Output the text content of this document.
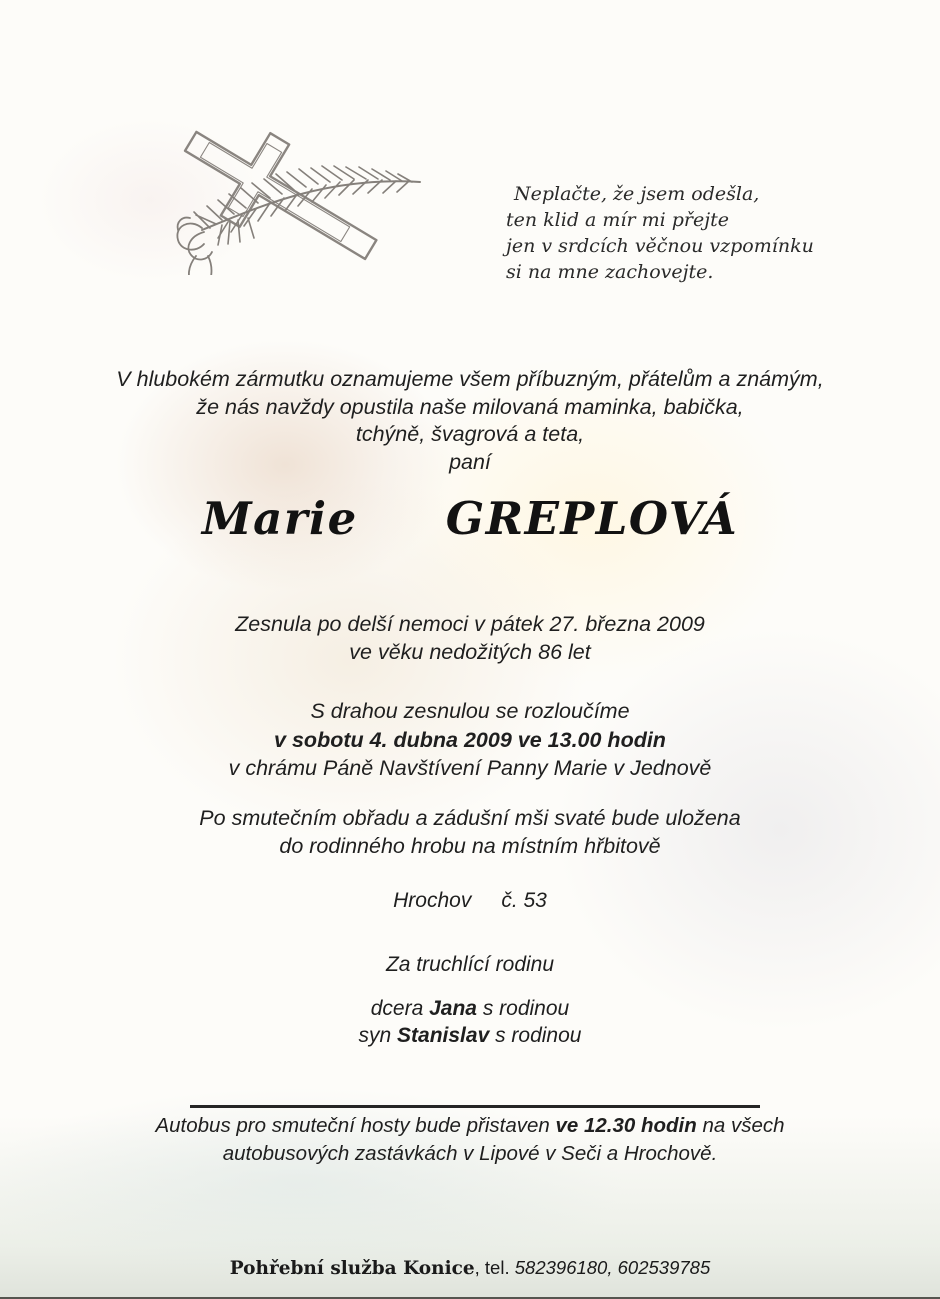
Neplačte, že jsem odešla,
ten klid a mír mi přejte
jen v srdcích věčnou vzpomínku
si na mne zachovejte.
V hlubokém zármutku oznamujeme všem příbuzným, přátelům a známým,
že nás navždy opustila naše milovaná maminka, babička,
tchýně, švagrová a teta,
paní
Marie GREPLOVÁ
Zesnula po delší nemoci v pátek 27. března 2009
ve věku nedožitých 86 let
S drahou zesnulou se rozloučíme
v sobotu 4. dubna 2009 ve 13.00 hodin
v chrámu Páně Navštívení Panny Marie v Jednově
Po smutečním obřadu a zádušní mši svaté bude uložena
do rodinného hrobu na místním hřbitově
Hrochov č. 53
Za truchlící rodinu
dcera Jana s rodinou
syn Stanislav s rodinou
Autobus pro smuteční hosty bude přistaven ve 12.30 hodin na všech
autobusových zastávkách v Lipové v Seči a Hrochově.
Pohřební služba Konice, tel. 582396180, 602539785
